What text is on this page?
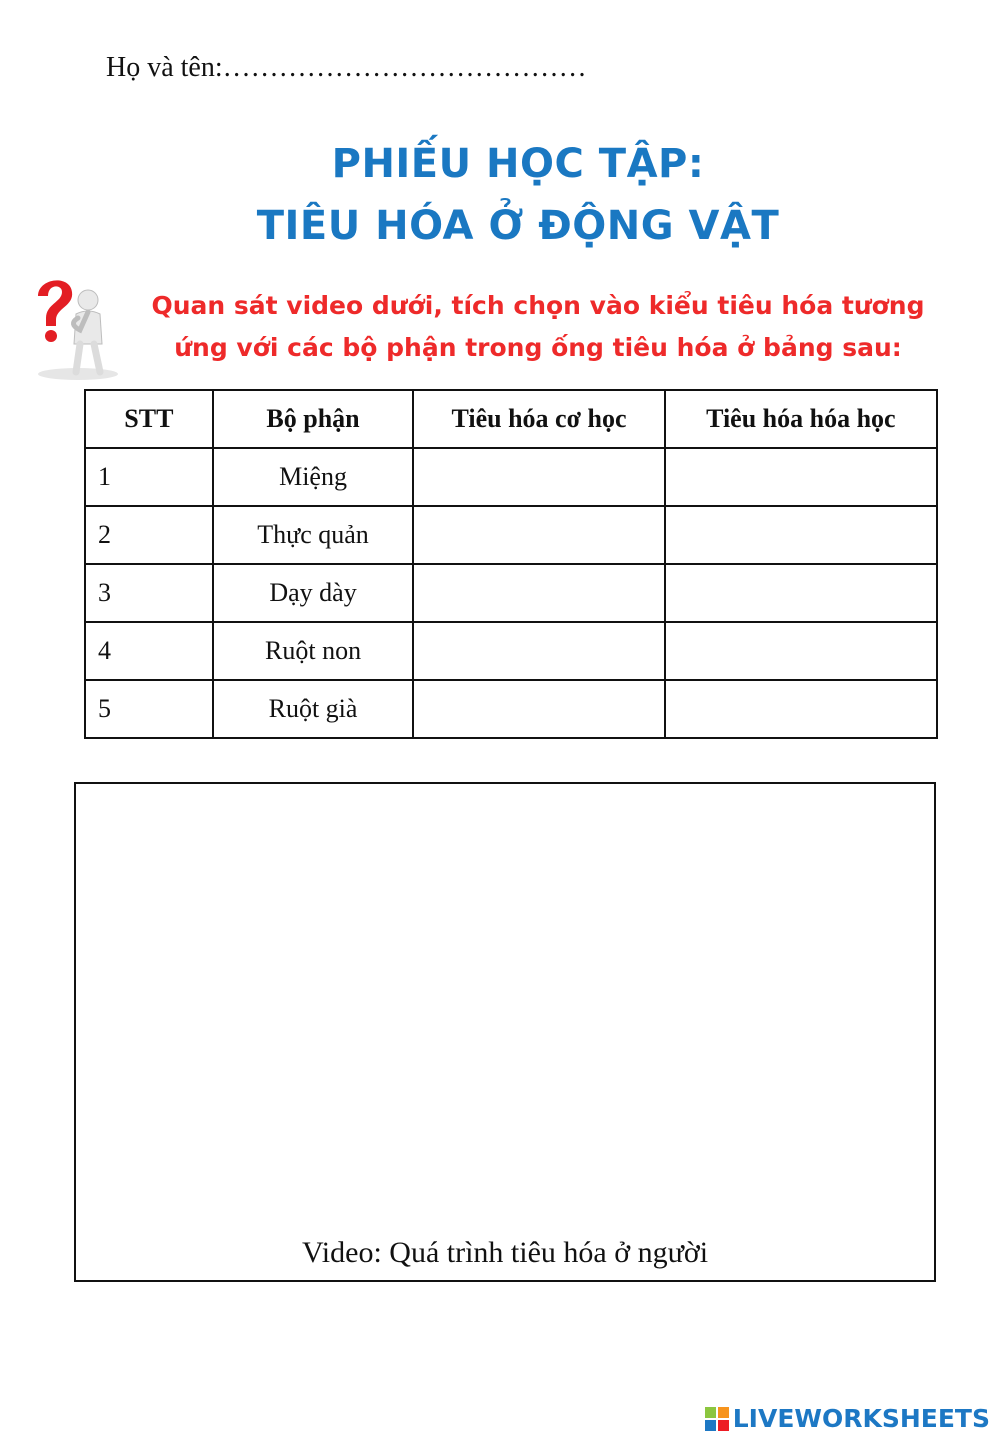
Họ và tên:…………………………………
PHIẾU HỌC TẬP:
TIÊU HÓA Ở ĐỘNG VẬT
Quan sát video dưới, tích chọn vào kiểu tiêu hóa tương
ứng với các bộ phận trong ống tiêu hóa ở bảng sau:
STT	Bộ phận	Tiêu hóa cơ học	Tiêu hóa hóa học
1	Miệng		
2	Thực quản		
3	Dạy dày		
4	Ruột non		
5	Ruột già		
Video: Quá trình tiêu hóa ở người
LIVEWORKSHEETS
